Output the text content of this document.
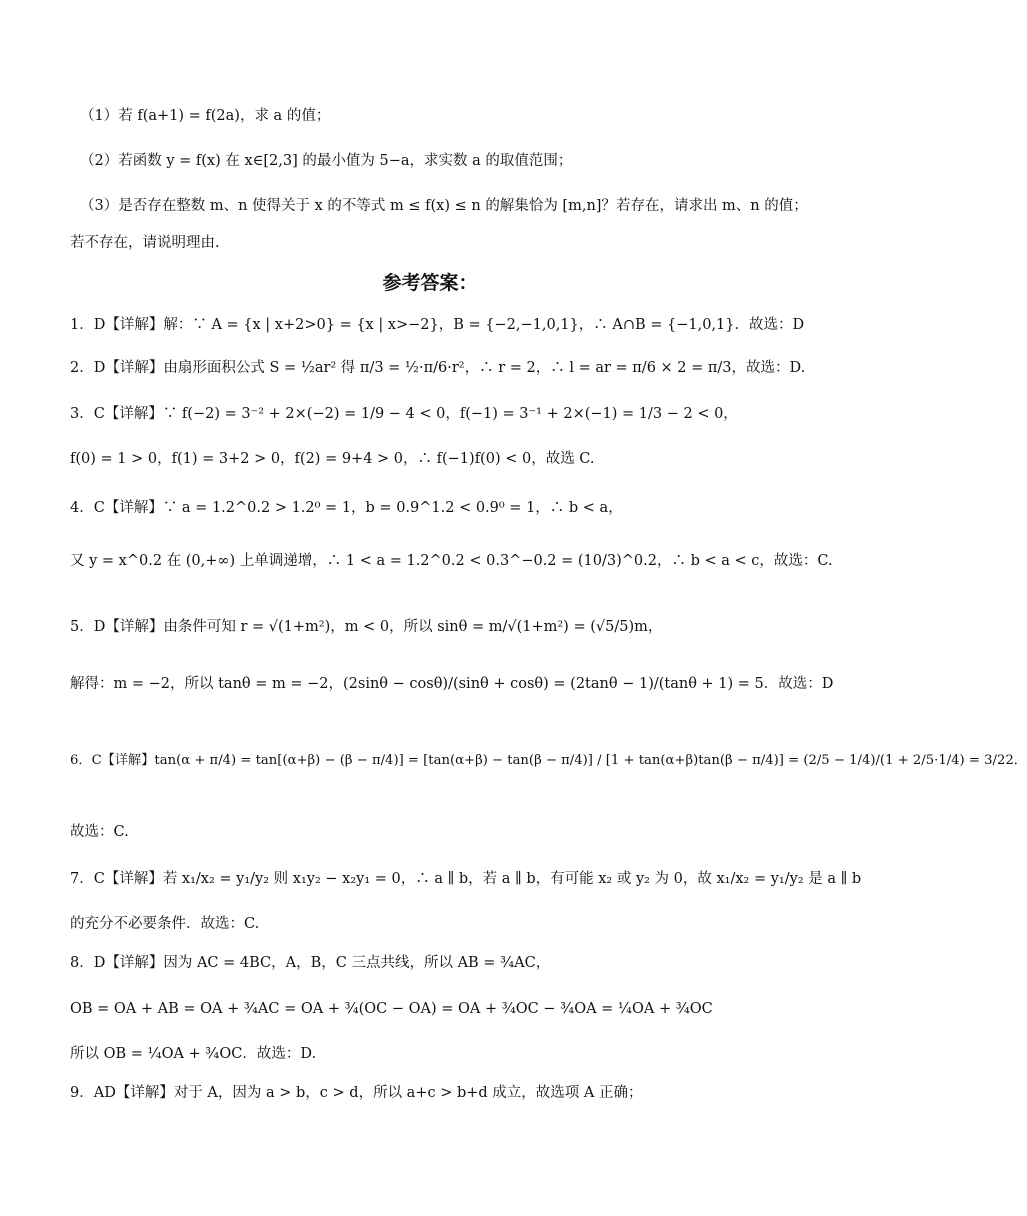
（1）若 f(a+1) = f(2a)，求 a 的值；
（2）若函数 y = f(x) 在 x∈[2,3] 的最小值为 5−a，求实数 a 的取值范围；
（3）是否存在整数 m、n 使得关于 x 的不等式 m ≤ f(x) ≤ n 的解集恰为 [m,n]？若存在，请求出 m、n 的值；
若不存在，请说明理由.
参考答案：
1．D【详解】解：∵ A = {x | x+2>0} = {x | x>−2}，B = {−2,−1,0,1}，∴ A∩B = {−1,0,1}．故选：D
2．D【详解】由扇形面积公式 S = ½ar² 得 π/3 = ½·π/6·r²，∴ r = 2，∴ l = ar = π/6 × 2 = π/3，故选：D.
3．C【详解】∵ f(−2) = 3⁻² + 2×(−2) = 1/9 − 4 < 0，f(−1) = 3⁻¹ + 2×(−1) = 1/3 − 2 < 0，
f(0) = 1 > 0，f(1) = 3+2 > 0，f(2) = 9+4 > 0，∴ f(−1)f(0) < 0，故选 C.
4．C【详解】∵ a = 1.2^0.2 > 1.2⁰ = 1，b = 0.9^1.2 < 0.9⁰ = 1，∴ b < a，
又 y = x^0.2 在 (0,+∞) 上单调递增，∴ 1 < a = 1.2^0.2 < 0.3^−0.2 = (10/3)^0.2，∴ b < a < c，故选：C.
5．D【详解】由条件可知 r = √(1+m²)，m < 0，所以 sinθ = m/√(1+m²) = (√5/5)m，
解得：m = −2，所以 tanθ = m = −2，(2sinθ − cosθ)/(sinθ + cosθ) = (2tanθ − 1)/(tanθ + 1) = 5．故选：D
6．C【详解】tan(α + π/4) = tan[(α+β) − (β − π/4)] = [tan(α+β) − tan(β − π/4)] / [1 + tan(α+β)tan(β − π/4)] = (2/5 − 1/4)/(1 + 2/5·1/4) = 3/22．
故选：C.
7．C【详解】若 x₁/x₂ = y₁/y₂ 则 x₁y₂ − x₂y₁ = 0，∴ a ∥ b，若 a ∥ b，有可能 x₂ 或 y₂ 为 0，故 x₁/x₂ = y₁/y₂ 是 a ∥ b
的充分不必要条件．故选：C.
8．D【详解】因为 AC = 4BC，A，B，C 三点共线，所以 AB = ¾AC，
OB = OA + AB = OA + ¾AC = OA + ¾(OC − OA) = OA + ¾OC − ¾OA = ¼OA + ¾OC
所以 OB = ¼OA + ¾OC．故选：D.
9．AD【详解】对于 A，因为 a > b，c > d，所以 a+c > b+d 成立，故选项 A 正确；
